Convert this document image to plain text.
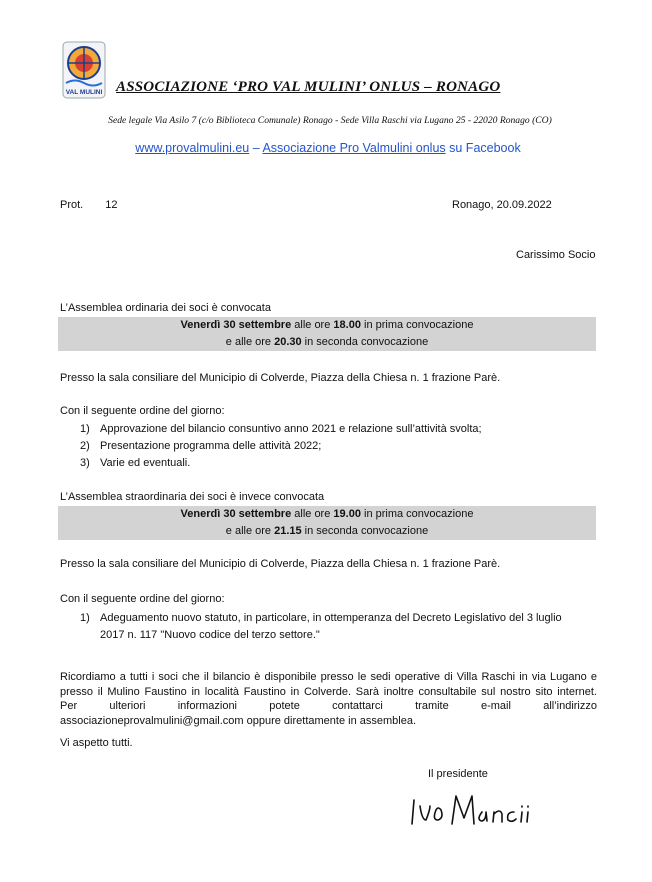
VAL MULINI ASSOCIAZIONE ‘PRO VAL MULINI’ ONLUS – RONAGO
Sede legale Via Asilo 7 (c/o Biblioteca Comunale) Ronago - Sede Villa Raschi via Lugano 25 - 22020 Ronago (CO)
www.provalmulini.eu – Associazione Pro Valmulini onlus su Facebook
Prot. 12	Ronago, 20.09.2022
Carissimo Socio
L’Assemblea ordinaria dei soci è convocata
Venerdì 30 settembre alle ore 18.00 in prima convocazione
e alle ore 20.30 in seconda convocazione
Presso la sala consiliare del Municipio di Colverde, Piazza della Chiesa n. 1 frazione Parè.
Con il seguente ordine del giorno:
1) Approvazione del bilancio consuntivo anno 2021 e relazione sull’attività svolta;
2) Presentazione programma delle attività 2022;
3) Varie ed eventuali.
L’Assemblea straordinaria dei soci è invece convocata
Venerdì 30 settembre alle ore 19.00 in prima convocazione
e alle ore 21.15 in seconda convocazione
Presso la sala consiliare del Municipio di Colverde, Piazza della Chiesa n. 1 frazione Parè.
Con il seguente ordine del giorno:
1) Adeguamento nuovo statuto, in particolare, in ottemperanza del Decreto Legislativo del 3 luglio
2017 n. 117 "Nuovo codice del terzo settore."
Ricordiamo a tutti i soci che il bilancio è disponibile presso le sedi operative di Villa Raschi in via Lugano e
presso il Mulino Faustino in località Faustino in Colverde. Sarà inoltre consultabile sul nostro sito internet.
Per ulteriori informazioni potete contattarci tramite e-mail all’indirizzo
associazioneprovalmulini@gmail.com oppure direttamente in assemblea.
Vi aspetto tutti.
Il presidente
